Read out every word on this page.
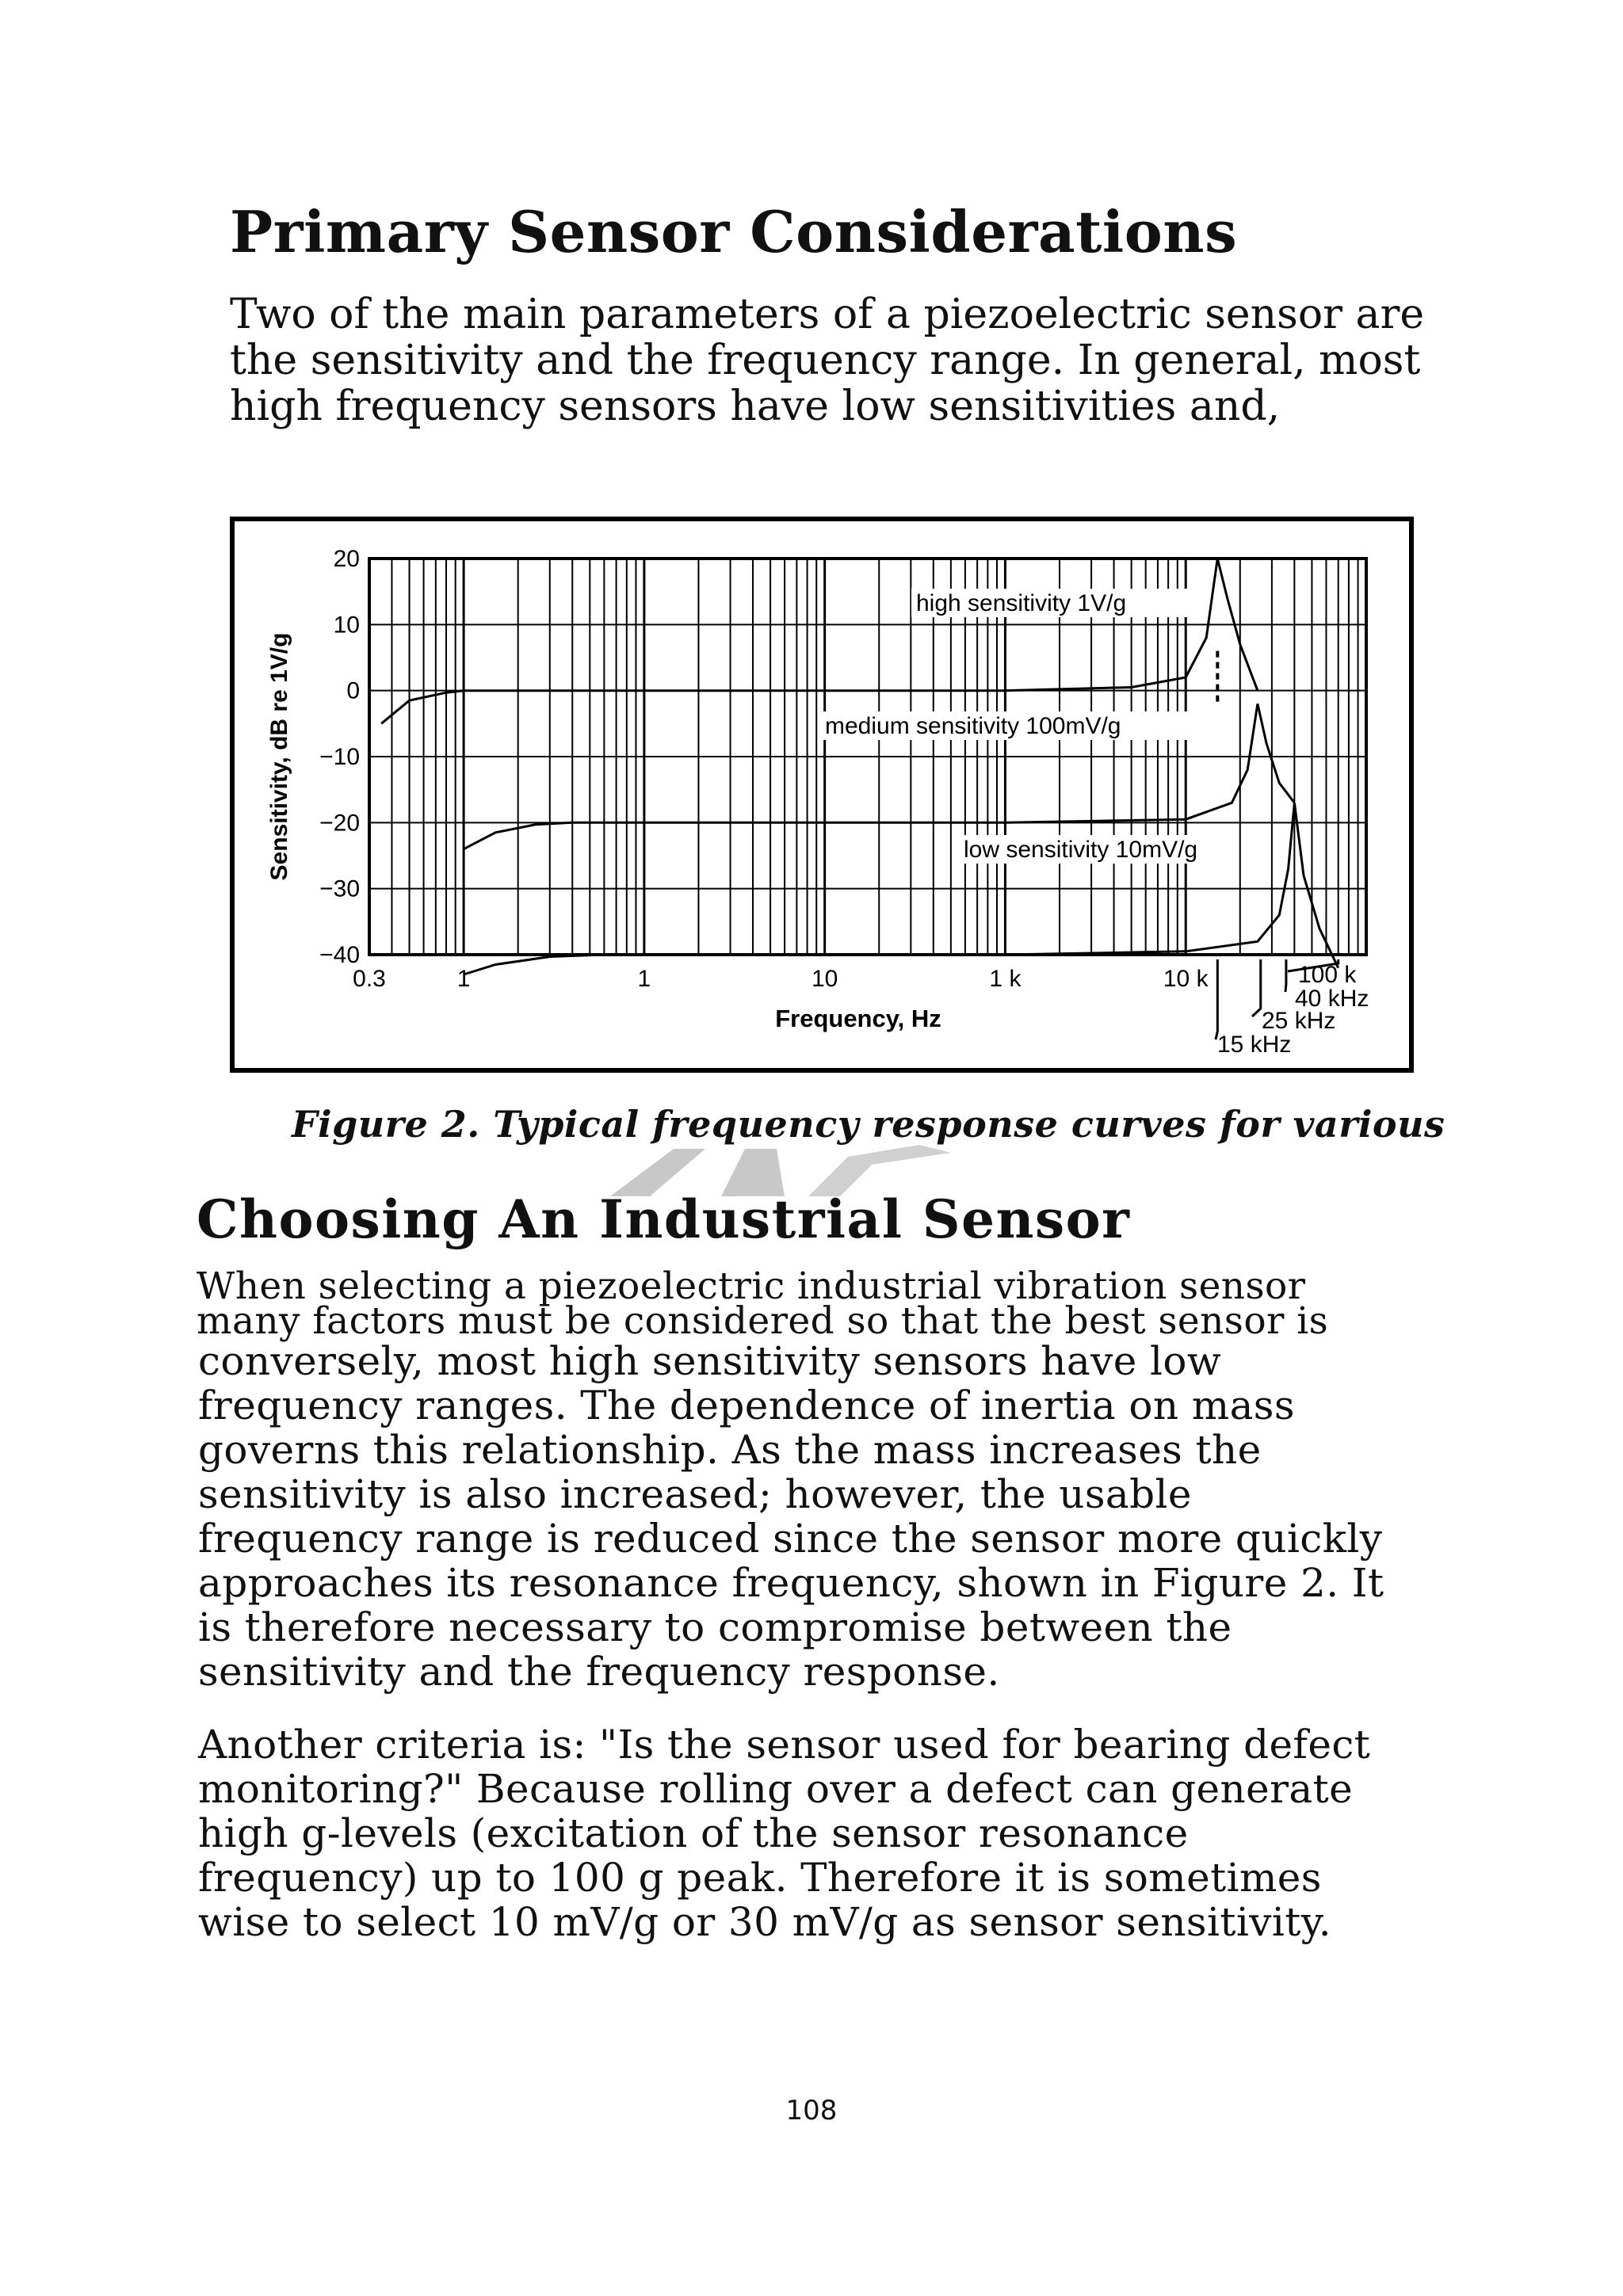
Primary Sensor Considerations

Two of the main parameters of a piezoelectric sensor are

the sensitivity and the frequency range. In general, most

high frequency sensors have low sensitivities and,

20
10
0
−10
−20
−30
−40
0.3	1	1	10	1 k	10 k
Frequency, Hz
Sensitivity, dB re 1V/g
high sensitivity 1V/g
medium sensitivity 100mV/g
low sensitivity 10mV/g
100 k
40 kHz
25 kHz
15 kHz
Figure 2. Typical frequency response curves for various
Choosing An Industrial Sensor
When selecting a piezoelectric industrial vibration sensor
many factors must be considered so that the best sensor is
conversely, most high sensitivity sensors have low
frequency ranges. The dependence of inertia on mass
governs this relationship. As the mass increases the
sensitivity is also increased; however, the usable
frequency range is reduced since the sensor more quickly
approaches its resonance frequency, shown in Figure 2. It
is therefore necessary to compromise between the
sensitivity and the frequency response.
Another criteria is: "Is the sensor used for bearing defect
monitoring?" Because rolling over a defect can generate
high g-levels (excitation of the sensor resonance
frequency) up to 100 g peak. Therefore it is sometimes
wise to select 10 mV/g or 30 mV/g as sensor sensitivity.
108
